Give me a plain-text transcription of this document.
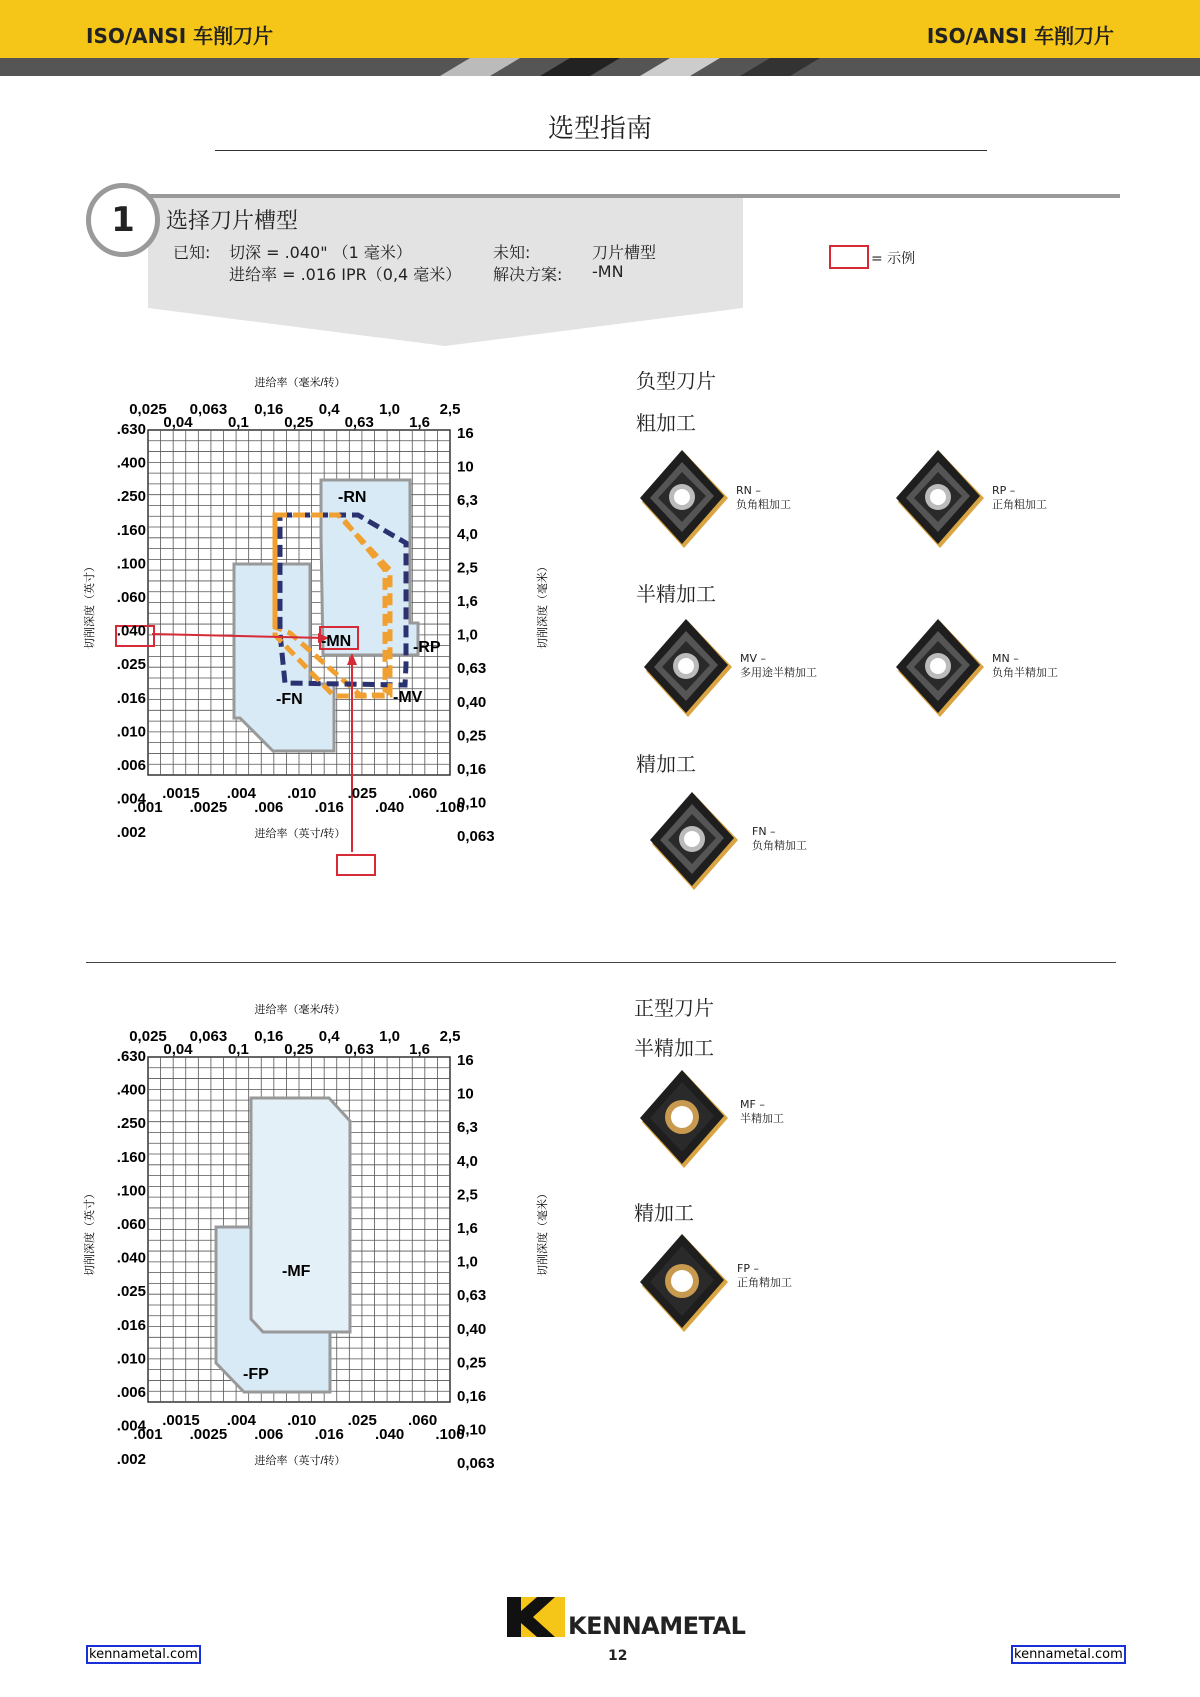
ISO/ANSI 车削刀片	ISO/ANSI 车削刀片
选型指南
1	选择刀片槽型
已知: 切深 = .040" （1 毫米）
进给率 = .016 IPR（0,4 毫米）
未知:	刀片槽型
解决方案: -MN
= 示例
-RN
-MN	-RP
-MV
-FN
进给率（毫米/转）
0,025 0,063 0,16 0,4	1,0	2,5
0,04 0,1 0,25 0,63 1,6
.630
.400
.250
.160
.100
.060
.040
.025
.016
.010
.006
.004
.002
16
10
6,3
4,0
2,5
1,6
1,0
0,63
0,40
0,25
0,16
0,10
0,063
.0015 .004 .010 .025 .060
.001 .0025 .006 .016 .040 .100
进给率（英寸/转）
切削深度（英寸）	切削深度（毫米）
负型刀片
粗加工
半精加工
精加工
RN –
负角粗加工
RP –
正角粗加工
MV –
多用途半精加工
MN –
负角半精加工
FN –
负角精加工
-MF
-FP
进给率（毫米/转）
0,025 0,063 0,16 0,4	1,0	2,5
0,04 0,1 0,25 0,63 1,6
.630
.400
.250
.160
.100
.060
.040
.025
.016
.010
.006
.004
.002
16
10
6,3
4,0
2,5
1,6
1,0
0,63
0,40
0,25
0,16
0,10
0,063
.0015 .004 .010 .025 .060
.001 .0025 .006 .016 .040 .100
进给率（英寸/转）
切削深度（英寸）	切削深度（毫米）
正型刀片
半精加工
精加工
MF –
半精加工
FP –
正角精加工
KENNAMETAL
kennametal.com	kennametal.com
12
